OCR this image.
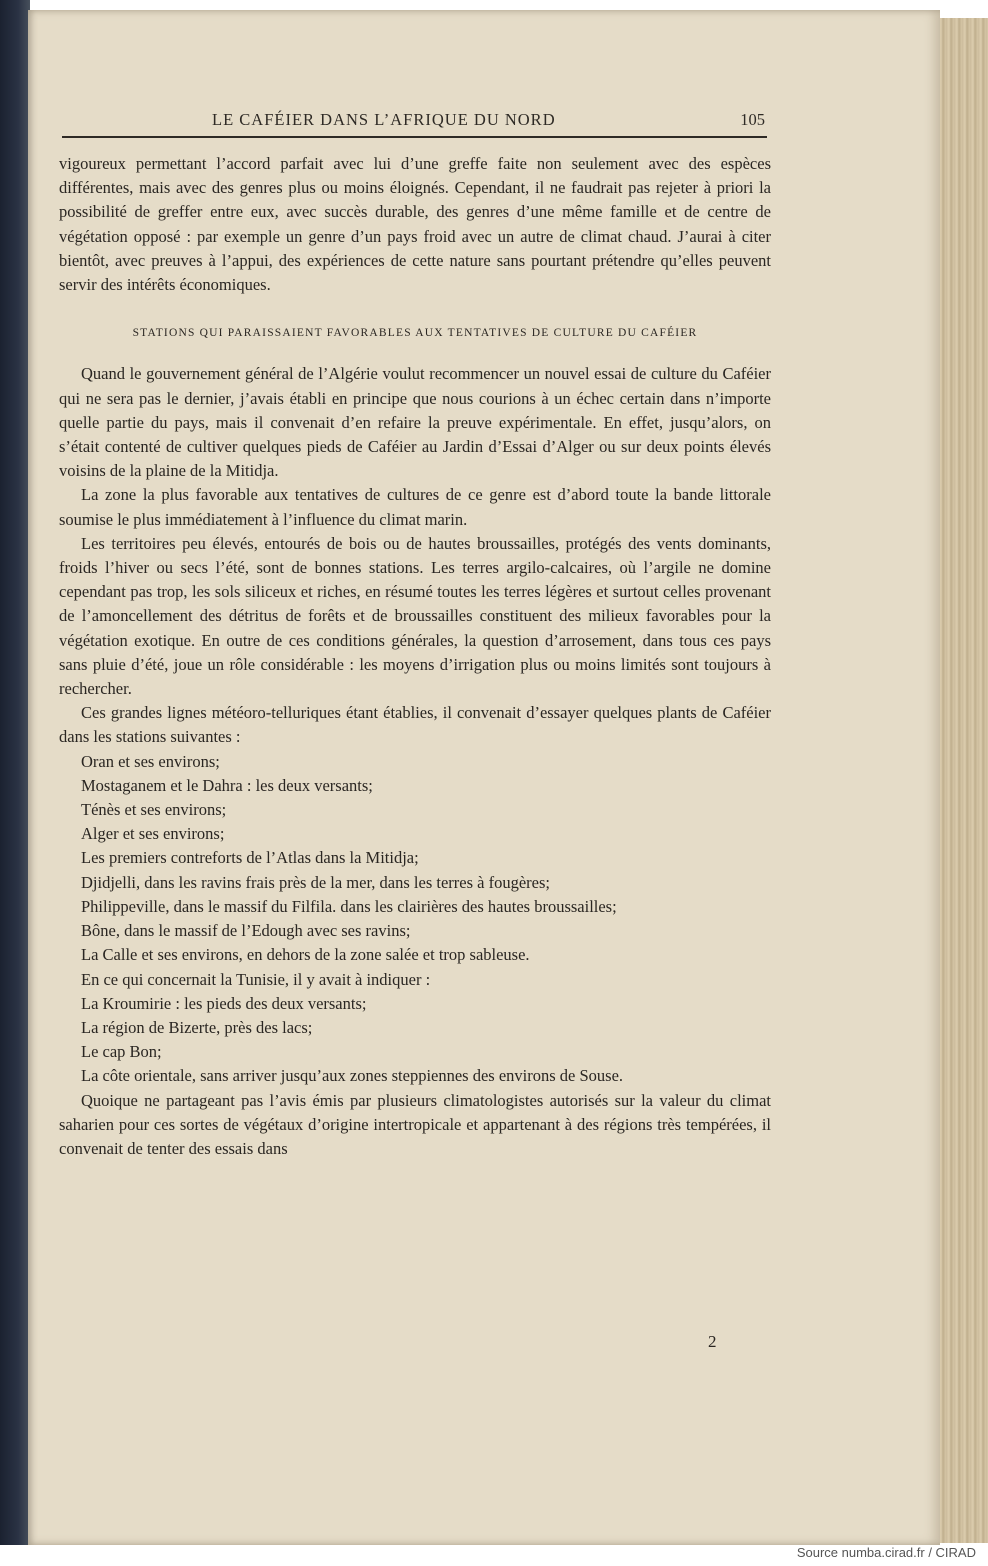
LE CAFÉIER DANS L’AFRIQUE DU NORD	105

vigoureux permettant l’accord parfait avec lui d’une greffe faite non seulement avec des espèces différentes, mais avec des genres plus ou moins éloignés. Cependant, il ne faudrait pas rejeter à priori la possibilité de greffer entre eux, avec succès durable, des genres d’une même famille et de centre de végétation opposé : par exemple un genre d’un pays froid avec un autre de climat chaud. J’aurai à citer bientôt, avec preuves à l’appui, des expériences de cette nature sans pourtant prétendre qu’elles peuvent servir des intérêts économiques.

STATIONS QUI PARAISSAIENT FAVORABLES AUX TENTATIVES DE CULTURE DU CAFÉIER

Quand le gouvernement général de l’Algérie voulut recommencer un nouvel essai de culture du Caféier qui ne sera pas le dernier, j’avais établi en principe que nous courions à un échec certain dans n’importe quelle partie du pays, mais il convenait d’en refaire la preuve expérimentale. En effet, jusqu’alors, on s’était contenté de cultiver quelques pieds de Caféier au Jardin d’Essai d’Alger ou sur deux points élevés voisins de la plaine de la Mitidja.

La zone la plus favorable aux tentatives de cultures de ce genre est d’abord toute la bande littorale soumise le plus immédiatement à l’influence du climat marin.

Les territoires peu élevés, entourés de bois ou de hautes broussailles, protégés des vents dominants, froids l’hiver ou secs l’été, sont de bonnes stations. Les terres argilo-calcaires, où l’argile ne domine cependant pas trop, les sols siliceux et riches, en résumé toutes les terres légères et surtout celles provenant de l’amoncellement des détritus de forêts et de broussailles constituent des milieux favorables pour la végétation exotique. En outre de ces conditions générales, la question d’arrosement, dans tous ces pays sans pluie d’été, joue un rôle considérable : les moyens d’irrigation plus ou moins limités sont toujours à rechercher.

Ces grandes lignes météoro-telluriques étant établies, il convenait d’essayer quelques plants de Caféier dans les stations suivantes :

Oran et ses environs;

Mostaganem et le Dahra : les deux versants;

Ténès et ses environs;

Alger et ses environs;

Les premiers contreforts de l’Atlas dans la Mitidja;

Djidjelli, dans les ravins frais près de la mer, dans les terres à fougères;

Philippeville, dans le massif du Filfila. dans les clairières des hautes broussailles;

Bône, dans le massif de l’Edough avec ses ravins;

La Calle et ses environs, en dehors de la zone salée et trop sableuse.

En ce qui concernait la Tunisie, il y avait à indiquer :

La Kroumirie : les pieds des deux versants;

La région de Bizerte, près des lacs;

Le cap Bon;

La côte orientale, sans arriver jusqu’aux zones steppiennes des environs de Souse.

Quoique ne partageant pas l’avis émis par plusieurs climatologistes autorisés sur la valeur du climat saharien pour ces sortes de végétaux d’origine intertropicale et appartenant à des régions très tempérées, il convenait de tenter des essais dans

2
Source numba.cirad.fr / CIRAD
